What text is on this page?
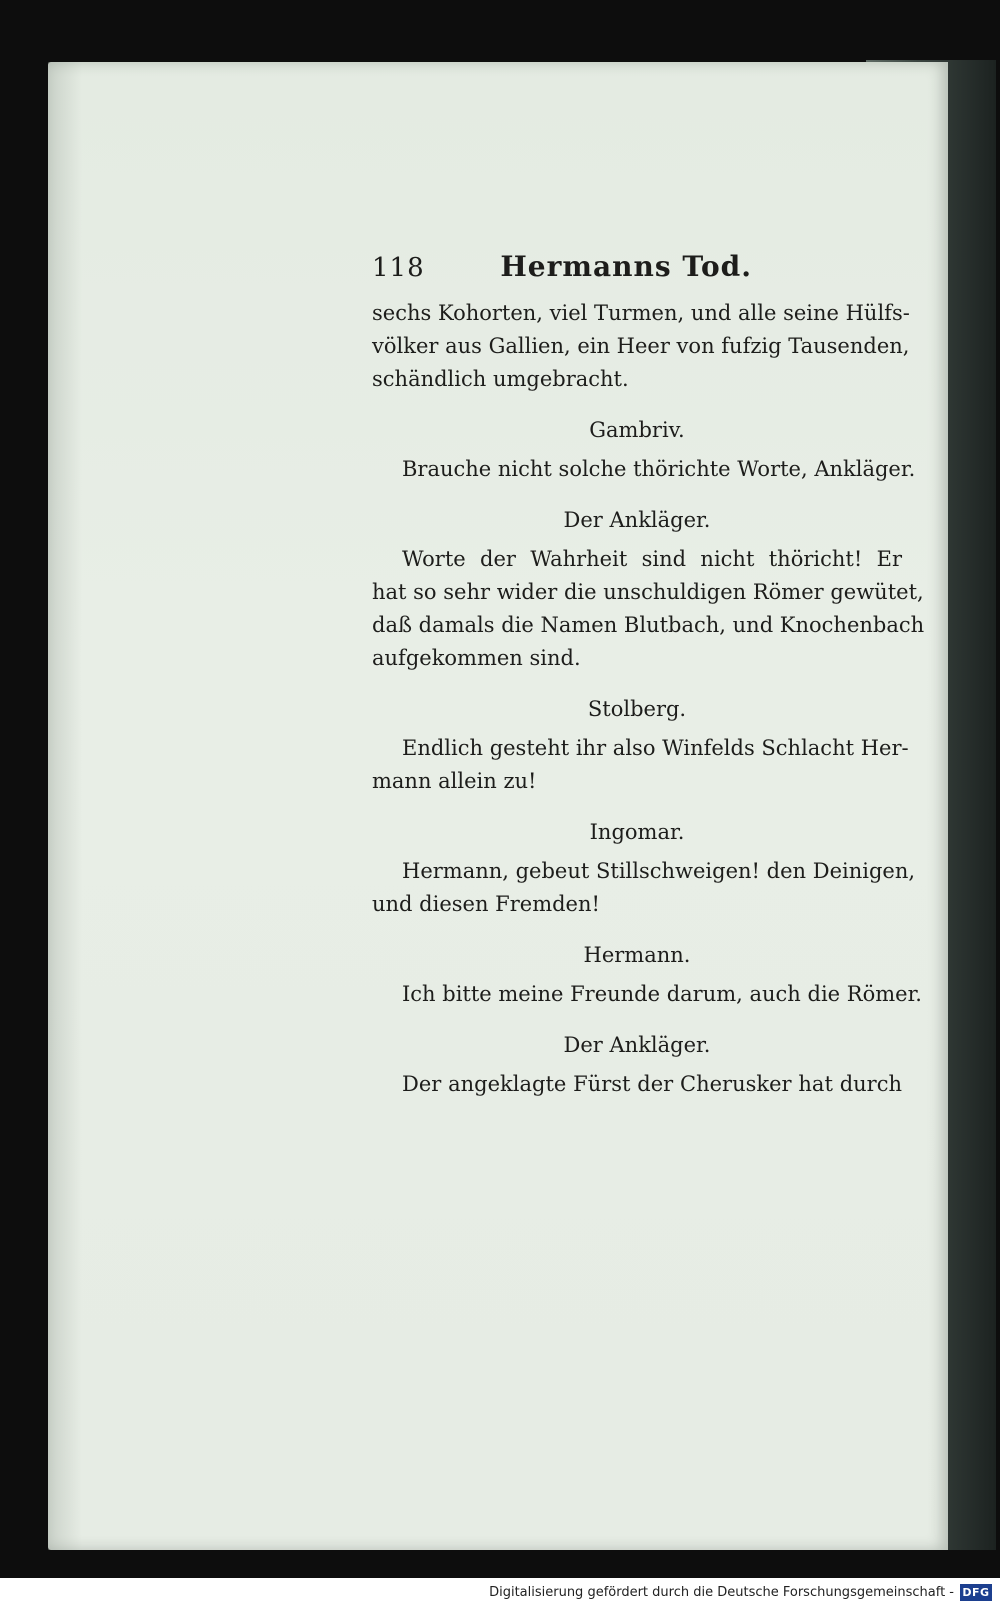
118	Hermanns Tod.
sechs Kohorten, viel Turmen, und alle seine Hülfs-
völker aus Gallien, ein Heer von fufzig Tausenden,
schändlich umgebracht.
Gambriv.
Brauche nicht solche thörichte Worte, Ankläger.
Der Ankläger.
Worte der Wahrheit sind nicht thöricht! Er
hat so sehr wider die unschuldigen Römer gewütet,
daß damals die Namen Blutbach, und Knochenbach
aufgekommen sind.
Stolberg.
Endlich gesteht ihr also Winfelds Schlacht Her-
mann allein zu!
Ingomar.
Hermann, gebeut Stillschweigen! den Deinigen,
und diesen Fremden!
Hermann.
Ich bitte meine Freunde darum, auch die Römer.
Der Ankläger.
Der angeklagte Fürst der Cherusker hat durch
Digitalisierung gefördert durch die Deutsche Forschungsgemeinschaft - DFG
